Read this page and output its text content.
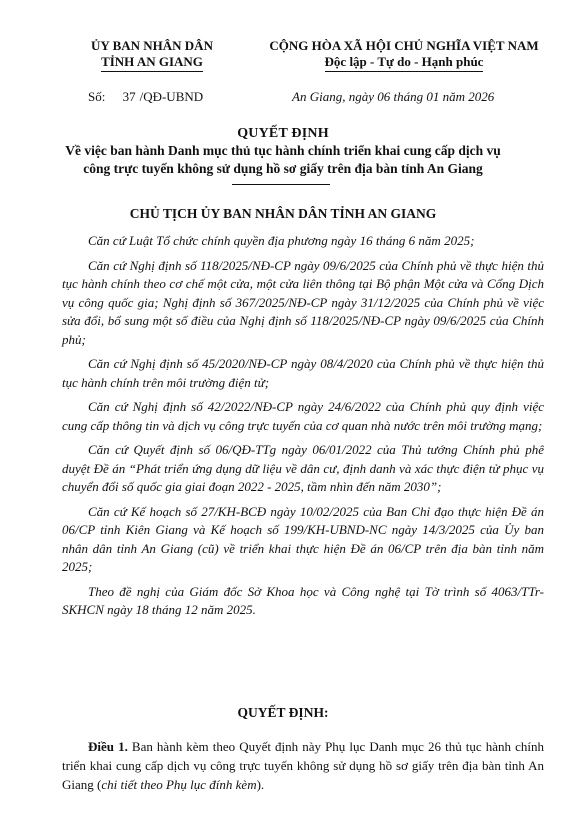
ỦY BAN NHÂN DÂN
TỈNH AN GIANG
CỘNG HÒA XÃ HỘI CHỦ NGHĨA VIỆT NAM
Độc lập - Tự do - Hạnh phúc
Số: 37 /QĐ-UBND	An Giang, ngày 06 tháng 01 năm 2026
QUYẾT ĐỊNH
Về việc ban hành Danh mục thủ tục hành chính triển khai cung cấp dịch vụ
công trực tuyến không sử dụng hồ sơ giấy trên địa bàn tỉnh An Giang
CHỦ TỊCH ỦY BAN NHÂN DÂN TỈNH AN GIANG

Căn cứ Luật Tổ chức chính quyền địa phương ngày 16 tháng 6 năm 2025;

Căn cứ Nghị định số 118/2025/NĐ-CP ngày 09/6/2025 của Chính phủ về thực hiện thủ tục hành chính theo cơ chế một cửa, một cửa liên thông tại Bộ phận Một cửa và Cổng Dịch vụ công quốc gia; Nghị định số 367/2025/NĐ-CP ngày 31/12/2025 của Chính phủ về việc sửa đổi, bổ sung một số điều của Nghị định số 118/2025/NĐ-CP ngày 09/6/2025 của Chính phủ;

Căn cứ Nghị định số 45/2020/NĐ-CP ngày 08/4/2020 của Chính phủ về thực hiện thủ tục hành chính trên môi trường điện tử;

Căn cứ Nghị định số 42/2022/NĐ-CP ngày 24/6/2022 của Chính phủ quy định việc cung cấp thông tin và dịch vụ công trực tuyến của cơ quan nhà nước trên môi trường mạng;

Căn cứ Quyết định số 06/QĐ-TTg ngày 06/01/2022 của Thủ tướng Chính phủ phê duyệt Đề án “Phát triển ứng dụng dữ liệu về dân cư, định danh và xác thực điện tử phục vụ chuyển đổi số quốc gia giai đoạn 2022 - 2025, tầm nhìn đến năm 2030”;

Căn cứ Kế hoạch số 27/KH-BCĐ ngày 10/02/2025 của Ban Chỉ đạo thực hiện Đề án 06/CP tỉnh Kiên Giang và Kế hoạch số 199/KH-UBND-NC ngày 14/3/2025 của Ủy ban nhân dân tỉnh An Giang (cũ) về triển khai thực hiện Đề án 06/CP trên địa bàn tỉnh năm 2025;

Theo đề nghị của Giám đốc Sở Khoa học và Công nghệ tại Tờ trình số 4063/TTr-SKHCN ngày 18 tháng 12 năm 2025.

QUYẾT ĐỊNH:
Điều 1. Ban hành kèm theo Quyết định này Phụ lục Danh mục 26 thủ tục hành chính triển khai cung cấp dịch vụ công trực tuyến không sử dụng hồ sơ giấy trên địa bàn tỉnh An Giang (chi tiết theo Phụ lục đính kèm).
